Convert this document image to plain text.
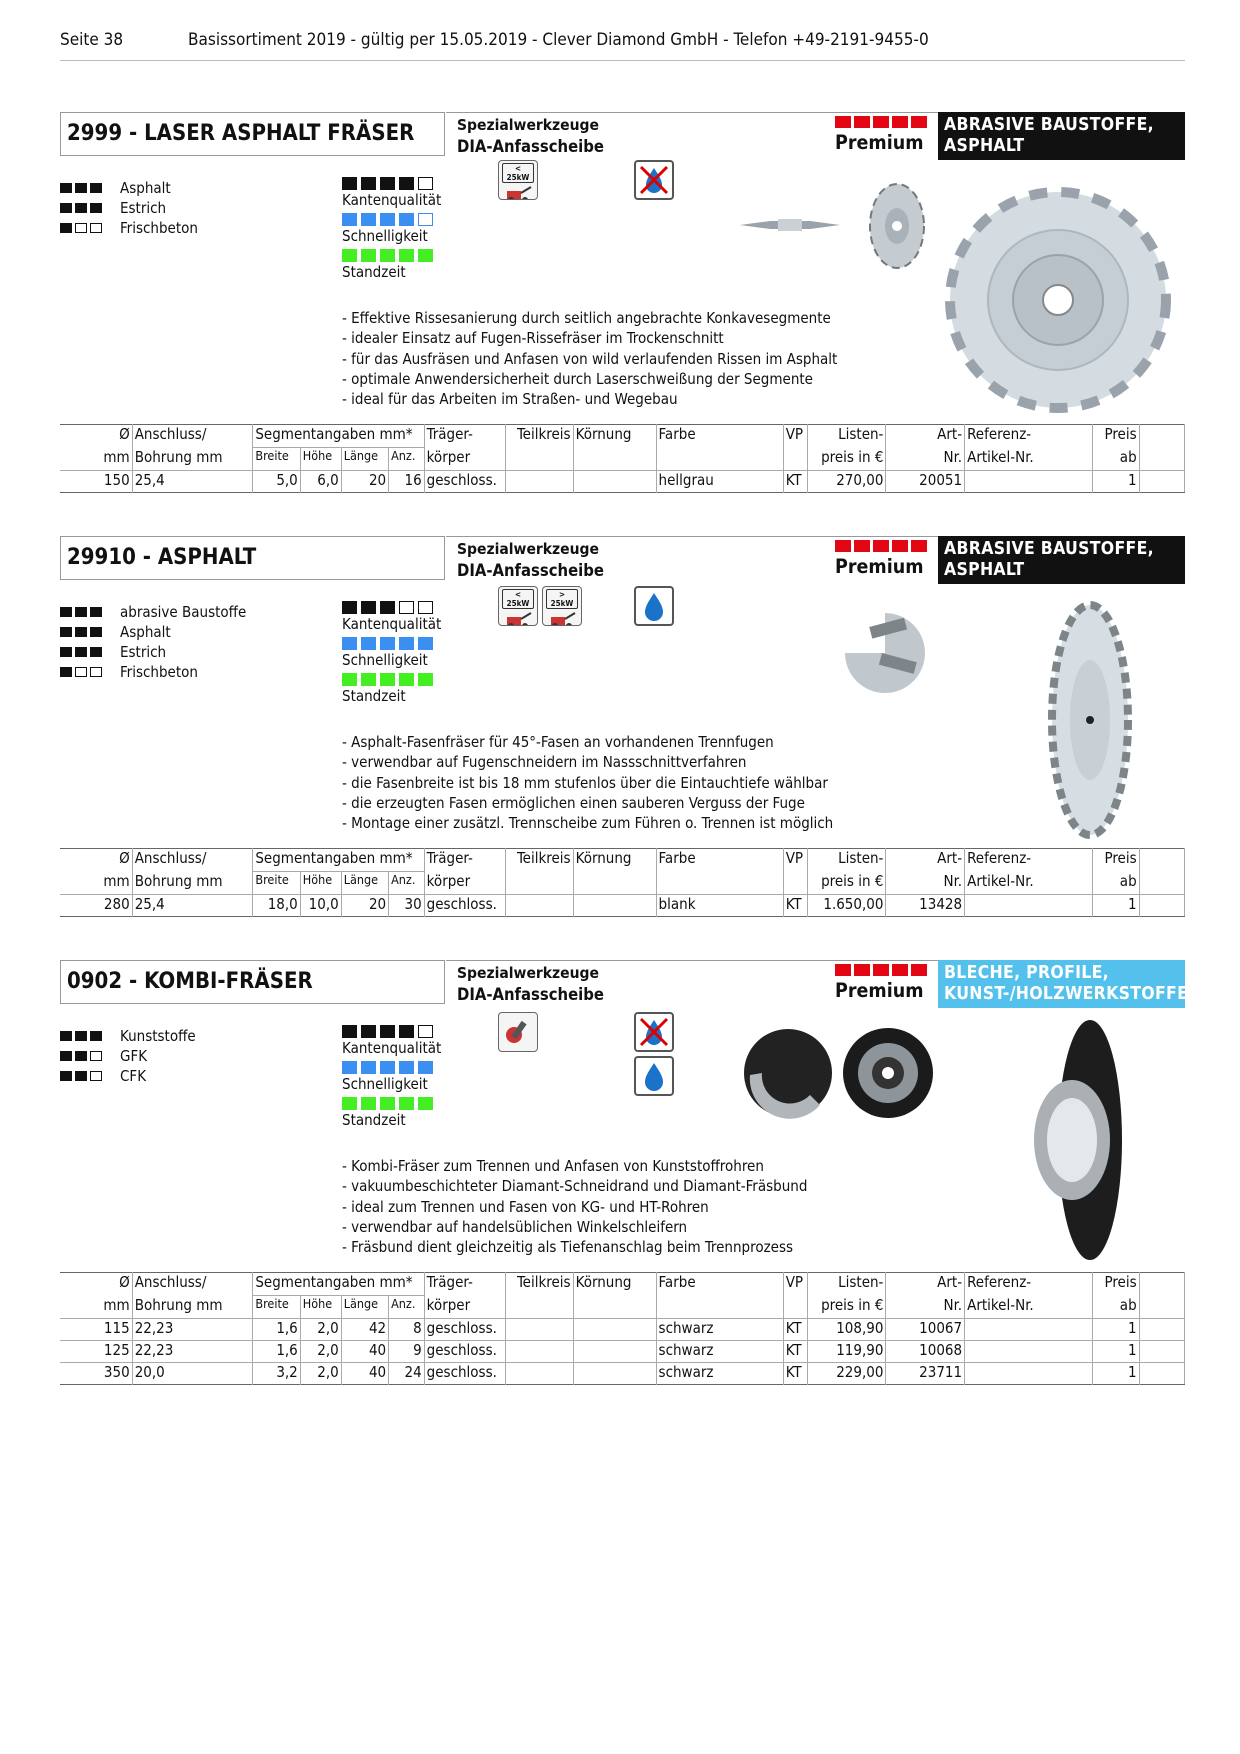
Seite 38	Basissortiment 2019 - gültig per 15.05.2019 - Clever Diamond GmbH - Telefon +49-2191-9455-0
2999 - LASER ASPHALT FRÄSER	Spezialwerkzeuge
DIA-Anfasscheibe	Premium
ABRASIVE BAUSTOFFE,
ASPHALT
Asphalt
Estrich
Frischbeton
Kantenqualität
Schnelligkeit
Standzeit
< 25kW
- Effektive Rissesanierung durch seitlich angebrachte Konkavesegmente
- idealer Einsatz auf Fugen-Rissefräser im Trockenschnitt
- für das Ausfräsen und Anfasen von wild verlaufenden Rissen im Asphalt
- optimale Anwendersicherheit durch Laserschweißung der Segmente
- ideal für das Arbeiten im Straßen- und Wegebau
Ø	Anschluss/	Segmentangaben mm*				Träger-	Teilkreis	Körnung	Farbe	VP	Listen-	Art-	Referenz-	Preis	
mm	Bohrung mm	Breite	Höhe	Länge	Anz.	körper					preis in €	Nr.	Artikel-Nr.	ab	
150	25,4	5,0	6,0	20	16	geschloss.			hellgrau	KT	270,00	20051		1	
29910 - ASPHALT	Spezialwerkzeuge
DIA-Anfasscheibe	Premium
ABRASIVE BAUSTOFFE,
ASPHALT
abrasive Baustoffe
Asphalt
Estrich
Frischbeton
Kantenqualität
Schnelligkeit
Standzeit
< 25kW
> 25kW
- Asphalt-Fasenfräser für 45°-Fasen an vorhandenen Trennfugen
- verwendbar auf Fugenschneidern im Nassschnittverfahren
- die Fasenbreite ist bis 18 mm stufenlos über die Eintauchtiefe wählbar
- die erzeugten Fasen ermöglichen einen sauberen Verguss der Fuge
- Montage einer zusätzl. Trennscheibe zum Führen o. Trennen ist möglich
Ø	Anschluss/	Segmentangaben mm*				Träger-	Teilkreis	Körnung	Farbe	VP	Listen-	Art-	Referenz-	Preis	
mm	Bohrung mm	Breite	Höhe	Länge	Anz.	körper					preis in €	Nr.	Artikel-Nr.	ab	
280	25,4	18,0	10,0	20	30	geschloss.			blank	KT	1.650,00	13428		1	
0902 - KOMBI-FRÄSER	Spezialwerkzeuge
DIA-Anfasscheibe	Premium
BLECHE, PROFILE,
KUNST-/HOLZWERKSTOFFE
Kunststoffe
GFK
CFK
Kantenqualität
Schnelligkeit
Standzeit
- Kombi-Fräser zum Trennen und Anfasen von Kunststoffrohren
- vakuumbeschichteter Diamant-Schneidrand und Diamant-Fräsbund
- ideal zum Trennen und Fasen von KG- und HT-Rohren
- verwendbar auf handelsüblichen Winkelschleifern
- Fräsbund dient gleichzeitig als Tiefenanschlag beim Trennprozess
Ø	Anschluss/	Segmentangaben mm*				Träger-	Teilkreis	Körnung	Farbe	VP	Listen-	Art-	Referenz-	Preis	
mm	Bohrung mm	Breite	Höhe	Länge	Anz.	körper					preis in €	Nr.	Artikel-Nr.	ab	
115	22,23	1,6	2,0	42	8	geschloss.			schwarz	KT	108,90	10067		1	
125	22,23	1,6	2,0	40	9	geschloss.			schwarz	KT	119,90	10068		1	
350	20,0	3,2	2,0	40	24	geschloss.			schwarz	KT	229,00	23711		1	
